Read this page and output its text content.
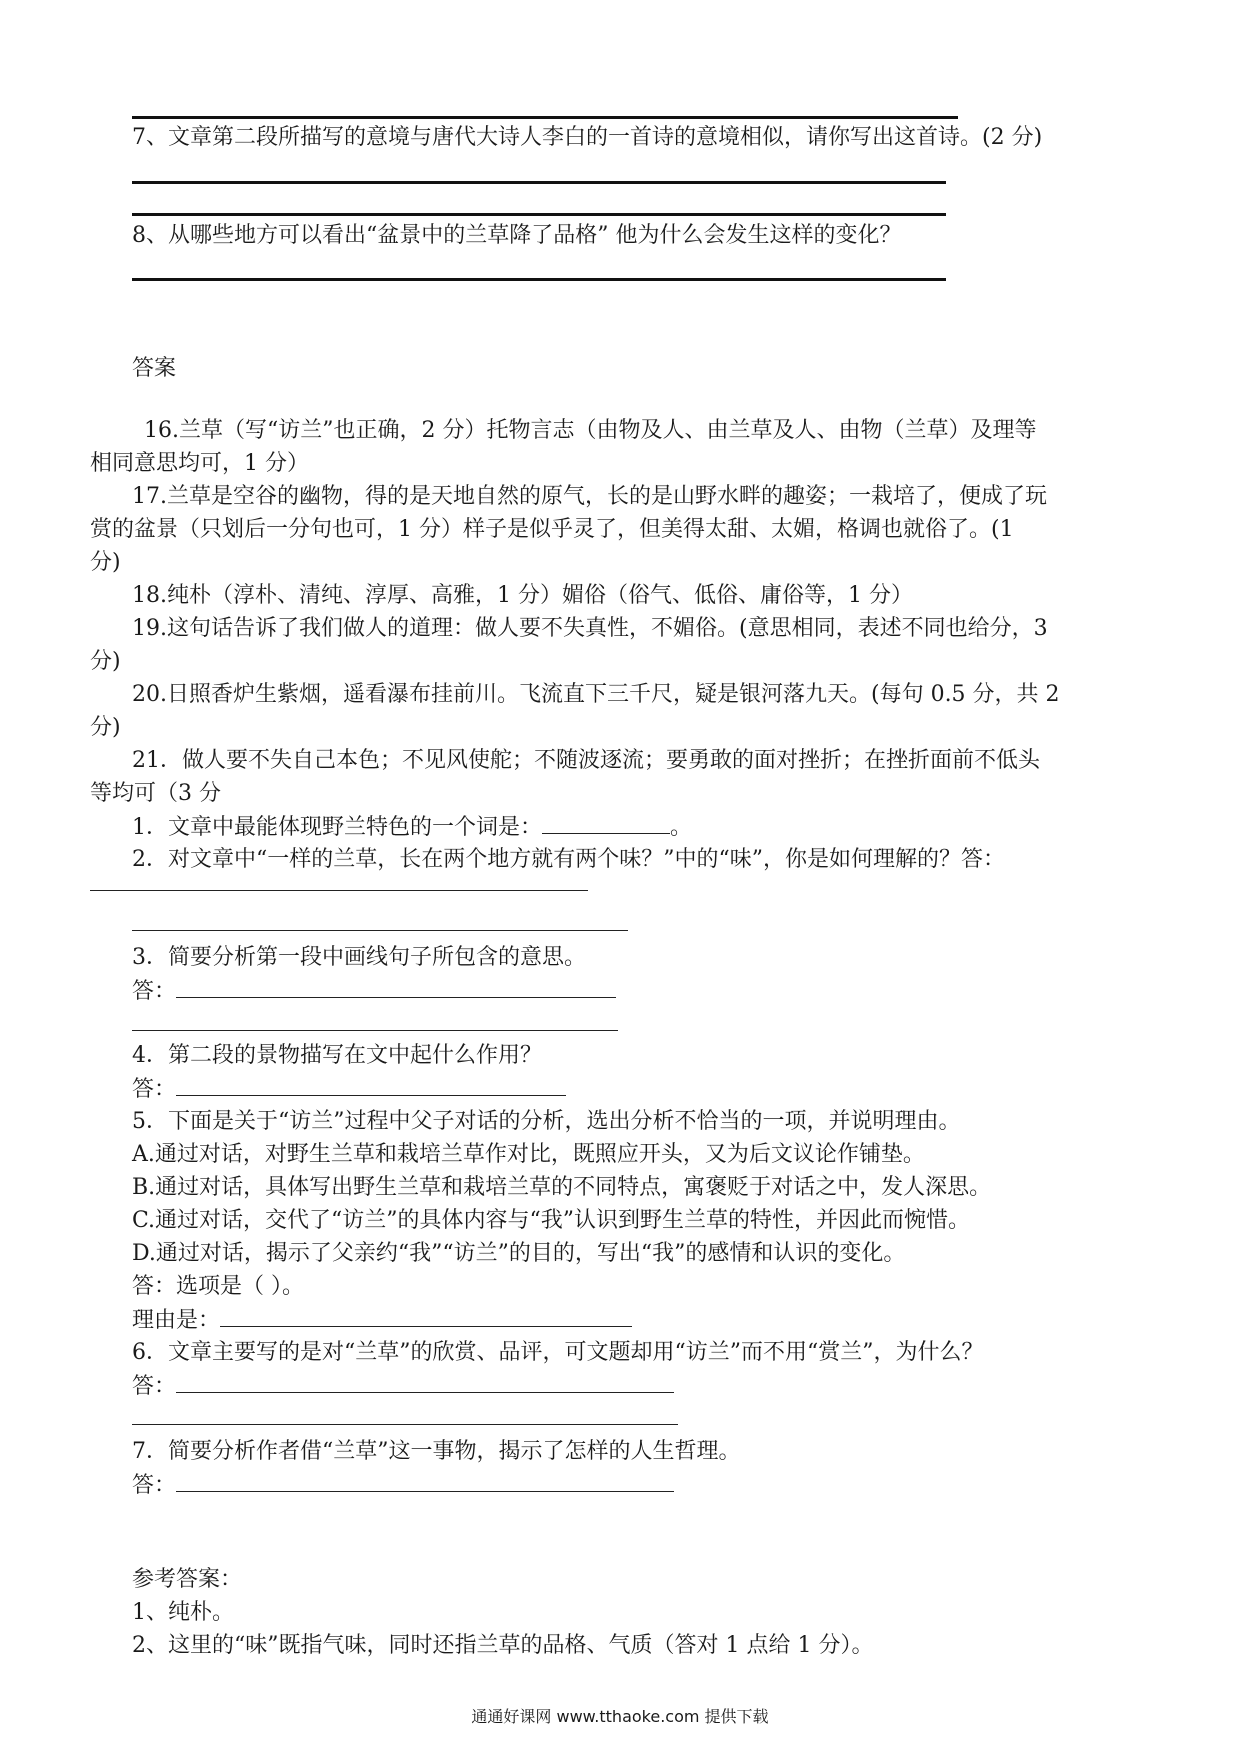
7、文章第二段所描写的意境与唐代大诗人李白的一首诗的意境相似，请你写出这首诗。(2 分)
8、从哪些地方可以看出“盆景中的兰草降了品格” 他为什么会发生这样的变化？
答案
16.兰草（写“访兰”也正确，2 分）托物言志（由物及人、由兰草及人、由物（兰草）及理等
相同意思均可，1 分）
17.兰草是空谷的幽物，得的是天地自然的原气，长的是山野水畔的趣姿；一栽培了，便成了玩
赏的盆景（只划后一分句也可，1 分）样子是似乎灵了，但美得太甜、太媚，格调也就俗了。(1
分)
18.纯朴（淳朴、清纯、淳厚、高雅，1 分）媚俗（俗气、低俗、庸俗等，1 分）
19.这句话告诉了我们做人的道理：做人要不失真性，不媚俗。(意思相同，表述不同也给分，3
分)
20.日照香炉生紫烟，遥看瀑布挂前川。飞流直下三千尺，疑是银河落九天。(每句 0.5 分，共 2
分)
21．做人要不失自己本色；不见风使舵；不随波逐流；要勇敢的面对挫折；在挫折面前不低头
等均可（3 分
1．文章中最能体现野兰特色的一个词是：	。
2．对文章中“一样的兰草，长在两个地方就有两个味？”中的“味”，你是如何理解的？答：
3．简要分析第一段中画线句子所包含的意思。
答：
4．第二段的景物描写在文中起什么作用？
答：
5．下面是关于“访兰”过程中父子对话的分析，选出分析不恰当的一项，并说明理由。
A.通过对话，对野生兰草和栽培兰草作对比，既照应开头，又为后文议论作铺垫。
B.通过对话，具体写出野生兰草和栽培兰草的不同特点，寓褒贬于对话之中，发人深思。
C.通过对话，交代了“访兰”的具体内容与“我”认识到野生兰草的特性，并因此而惋惜。
D.通过对话，揭示了父亲约“我”“访兰”的目的，写出“我”的感情和认识的变化。
答：选项是（ ）。
理由是：
6．文章主要写的是对“兰草”的欣赏、品评，可文题却用“访兰”而不用“赏兰”，为什么？
答：
7．简要分析作者借“兰草”这一事物，揭示了怎样的人生哲理。
答：
参考答案：
1、纯朴。
2、这里的“味”既指气味，同时还指兰草的品格、气质（答对 1 点给 1 分）。
通通好课网 www.tthaoke.com 提供下载
